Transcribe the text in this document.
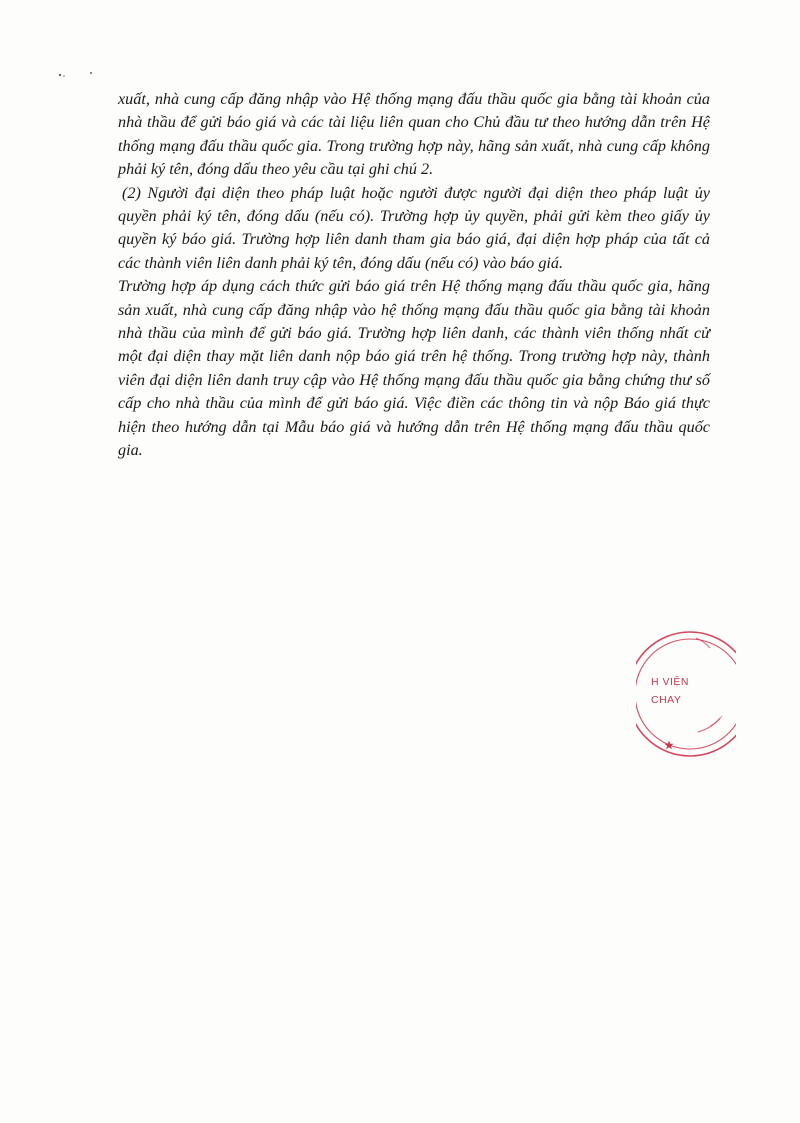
xuất, nhà cung cấp đăng nhập vào Hệ thống mạng đấu thầu quốc gia bằng tài khoản của nhà thầu để gửi báo giá và các tài liệu liên quan cho Chủ đầu tư theo hướng dẫn trên Hệ thống mạng đấu thầu quốc gia. Trong trường hợp này, hãng sản xuất, nhà cung cấp không phải ký tên, đóng dấu theo yêu cầu tại ghi chú 2.

(2) Người đại diện theo pháp luật hoặc người được người đại diện theo pháp luật ủy quyền phải ký tên, đóng dấu (nếu có). Trường hợp ủy quyền, phải gửi kèm theo giấy ủy quyền ký báo giá. Trường hợp liên danh tham gia báo giá, đại diện hợp pháp của tất cả các thành viên liên danh phải ký tên, đóng dấu (nếu có) vào báo giá.

Trường hợp áp dụng cách thức gửi báo giá trên Hệ thống mạng đấu thầu quốc gia, hãng sản xuất, nhà cung cấp đăng nhập vào hệ thống mạng đấu thầu quốc gia bằng tài khoản nhà thầu của mình để gửi báo giá. Trường hợp liên danh, các thành viên thống nhất cử một đại diện thay mặt liên danh nộp báo giá trên hệ thống. Trong trường hợp này, thành viên đại diện liên danh truy cập vào Hệ thống mạng đấu thầu quốc gia bằng chứng thư số cấp cho nhà thầu của mình để gửi báo giá. Việc điền các thông tin và nộp Báo giá thực hiện theo hướng dẫn tại Mẫu báo giá và hướng dẫn trên Hệ thống mạng đấu thầu quốc gia.

H VIỆN
CHAY
